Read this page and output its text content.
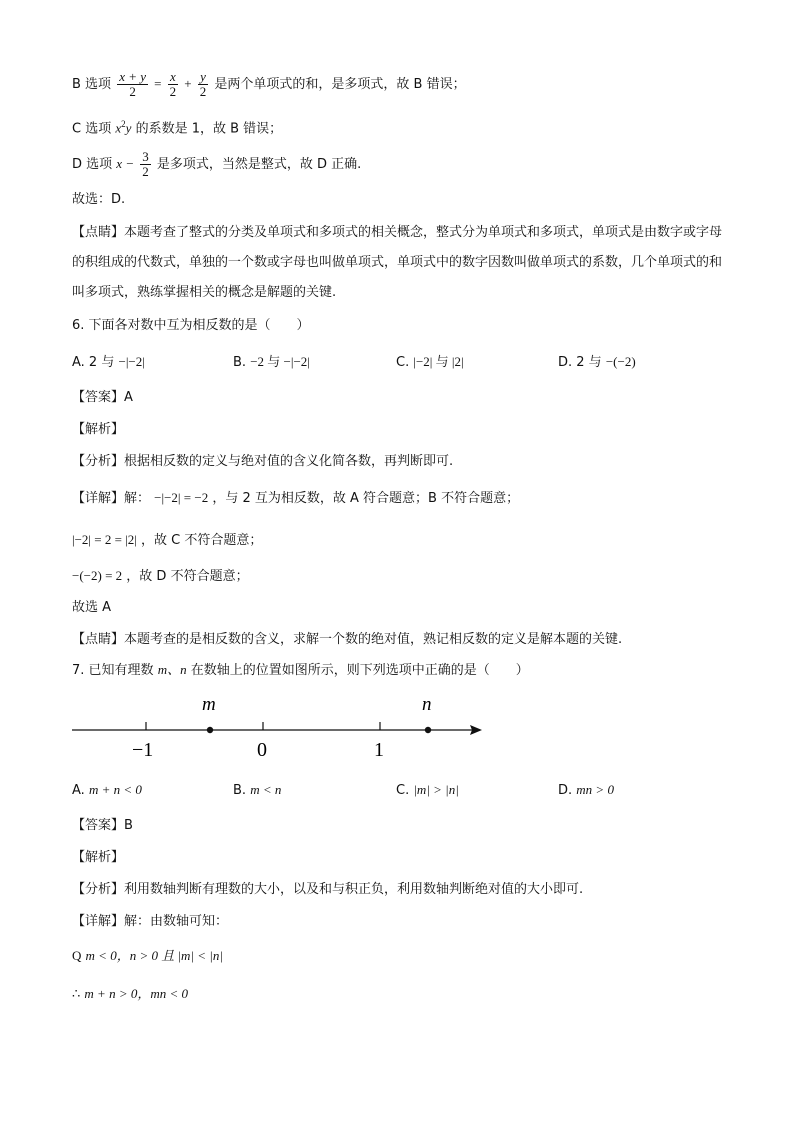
B 选项 $\frac{x + y}{2} = \frac{x}{2} + \frac{y}{2}$ 是两个单项式的和，是多项式，故 B 错误；
C 选项 $x^2y$ 的系数是 1，故 B 错误；
D 选项 $x - \frac{3}{2}$ 是多项式，当然是整式，故 D 正确.
故选：D.
【点睛】本题考查了整式的分类及单项式和多项式的相关概念，整式分为单项式和多项式，单项式是由数字或字母的积组成的代数式，单独的一个数或字母也叫做单项式，单项式中的数字因数叫做单项式的系数，几个单项式的和叫多项式，熟练掌握相关的概念是解题的关键.
6. 下面各对数中互为相反数的是（　　）
A. 2 与 −|−2|	B. −2 与 −|−2|	C. |−2| 与 |2|	D. 2 与 −(−2)
【答案】A
【解析】
【分析】根据相反数的定义与绝对值的含义化简各数，再判断即可.
【详解】解： −|−2| = −2 ，与 2 互为相反数，故 A 符合题意；B 不符合题意；
|−2| = 2 = |2| ，故 C 不符合题意；
−(−2) = 2 ，故 D 不符合题意；
故选 A
【点睛】本题考查的是相反数的含义，求解一个数的绝对值，熟记相反数的定义是解本题的关键.
7. 已知有理数 m、n 在数轴上的位置如图所示，则下列选项中正确的是（　　）
m	n
−1	0	1
A. m + n < 0	B. m < n	C. |m| > |n|	D. mn > 0
【答案】B
【解析】
【分析】利用数轴判断有理数的大小，以及和与积正负，利用数轴判断绝对值的大小即可.
【详解】解：由数轴可知：
Q m < 0，n > 0 且 |m| < |n|
∴ m + n > 0，mn < 0
